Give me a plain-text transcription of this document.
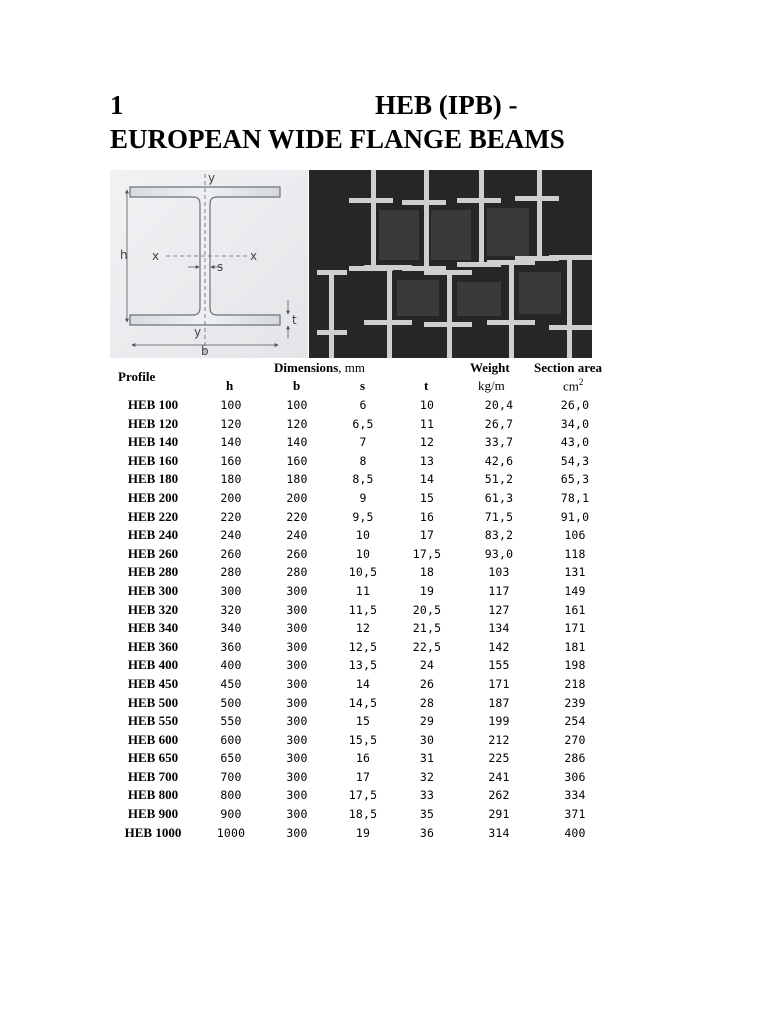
1	HEB (IPB) -
EUROPEAN WIDE FLANGE BEAMS
y
y
x	x
h
b
s
t
Profile
Dimensions, mm
h	b	s	t
Weight
kg/m
Section area
$cm^2$
HEB 100	100	100	6	10	20,4	26,0
HEB 120	120	120	6,5	11	26,7	34,0
HEB 140	140	140	7	12	33,7	43,0
HEB 160	160	160	8	13	42,6	54,3
HEB 180	180	180	8,5	14	51,2	65,3
HEB 200	200	200	9	15	61,3	78,1
HEB 220	220	220	9,5	16	71,5	91,0
HEB 240	240	240	10	17	83,2	106
HEB 260	260	260	10	17,5	93,0	118
HEB 280	280	280	10,5	18	103	131
HEB 300	300	300	11	19	117	149
HEB 320	320	300	11,5	20,5	127	161
HEB 340	340	300	12	21,5	134	171
HEB 360	360	300	12,5	22,5	142	181
HEB 400	400	300	13,5	24	155	198
HEB 450	450	300	14	26	171	218
HEB 500	500	300	14,5	28	187	239
HEB 550	550	300	15	29	199	254
HEB 600	600	300	15,5	30	212	270
HEB 650	650	300	16	31	225	286
HEB 700	700	300	17	32	241	306
HEB 800	800	300	17,5	33	262	334
HEB 900	900	300	18,5	35	291	371
HEB 1000	1000	300	19	36	314	400
